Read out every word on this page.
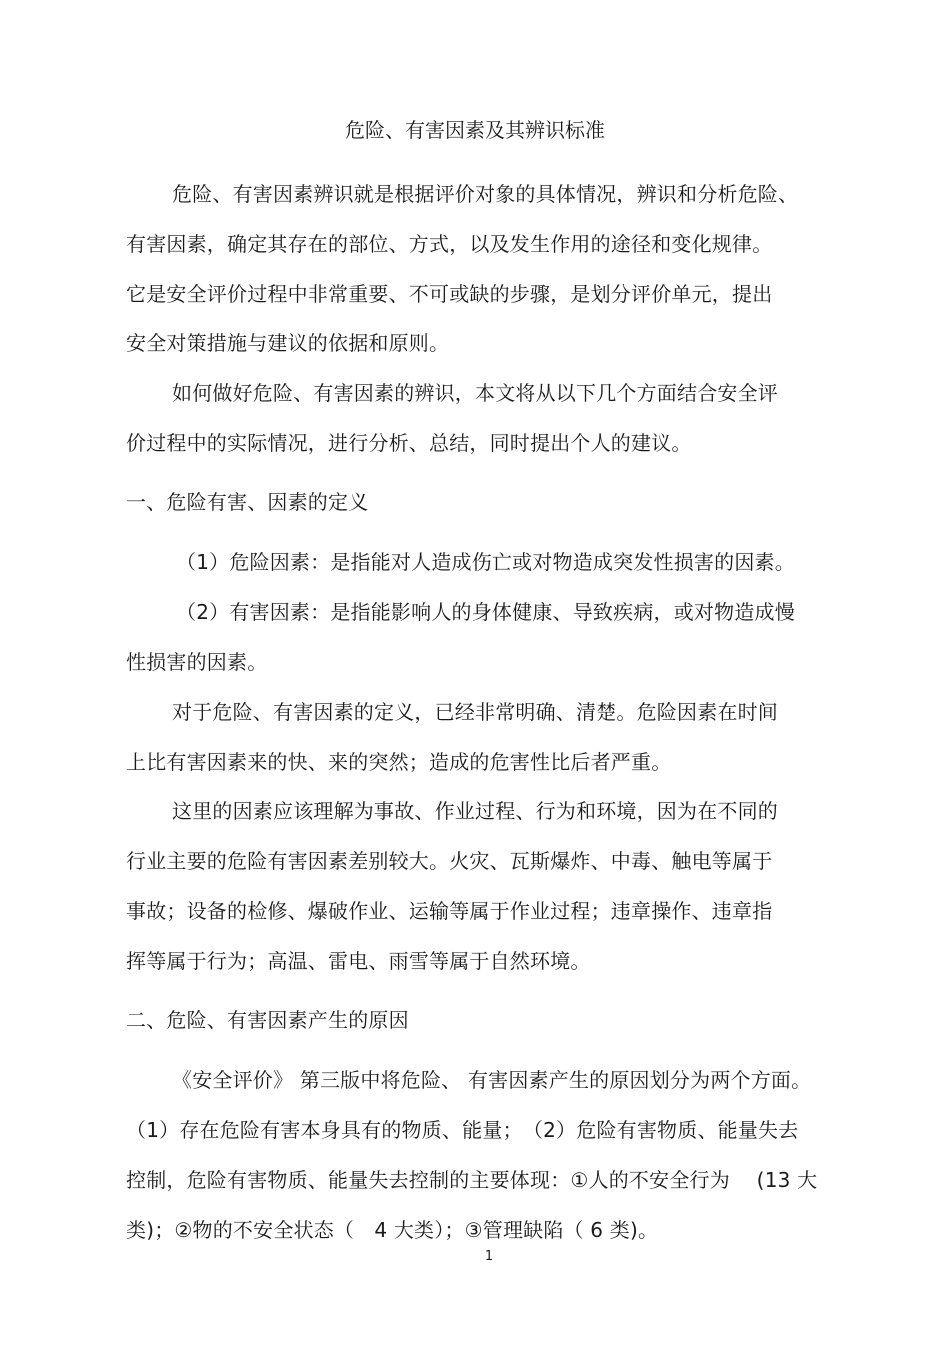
危险、有害因素及其辨识标准
危险、有害因素辨识就是根据评价对象的具体情况，辨识和分析危险、
有害因素，确定其存在的部位、方式，以及发生作用的途径和变化规律。
它是安全评价过程中非常重要、不可或缺的步骤，是划分评价单元，提出
安全对策措施与建议的依据和原则。
如何做好危险、有害因素的辨识，本文将从以下几个方面结合安全评
价过程中的实际情况，进行分析、总结，同时提出个人的建议。
一、危险有害、因素的定义
（1）危险因素：是指能对人造成伤亡或对物造成突发性损害的因素。
（2）有害因素：是指能影响人的身体健康、导致疾病，或对物造成慢
性损害的因素。
对于危险、有害因素的定义，已经非常明确、清楚。危险因素在时间
上比有害因素来的快、来的突然；造成的危害性比后者严重。
这里的因素应该理解为事故、作业过程、行为和环境，因为在不同的
行业主要的危险有害因素差别较大。火灾、瓦斯爆炸、中毒、触电等属于
事故；设备的检修、爆破作业、运输等属于作业过程；违章操作、违章指
挥等属于行为；高温、雷电、雨雪等属于自然环境。
二、危险、有害因素产生的原因
《安全评价》 第三版中将危险、 有害因素产生的原因划分为两个方面。
（1）存在危险有害本身具有的物质、能量；　（2）危险有害物质、能量失去
控制，危险有害物质、能量失去控制的主要体现：①人的不安全行为　 (13 大
类)；②物的不安全状态（　4 大类）；③管理缺陷（ 6 类)。
1
